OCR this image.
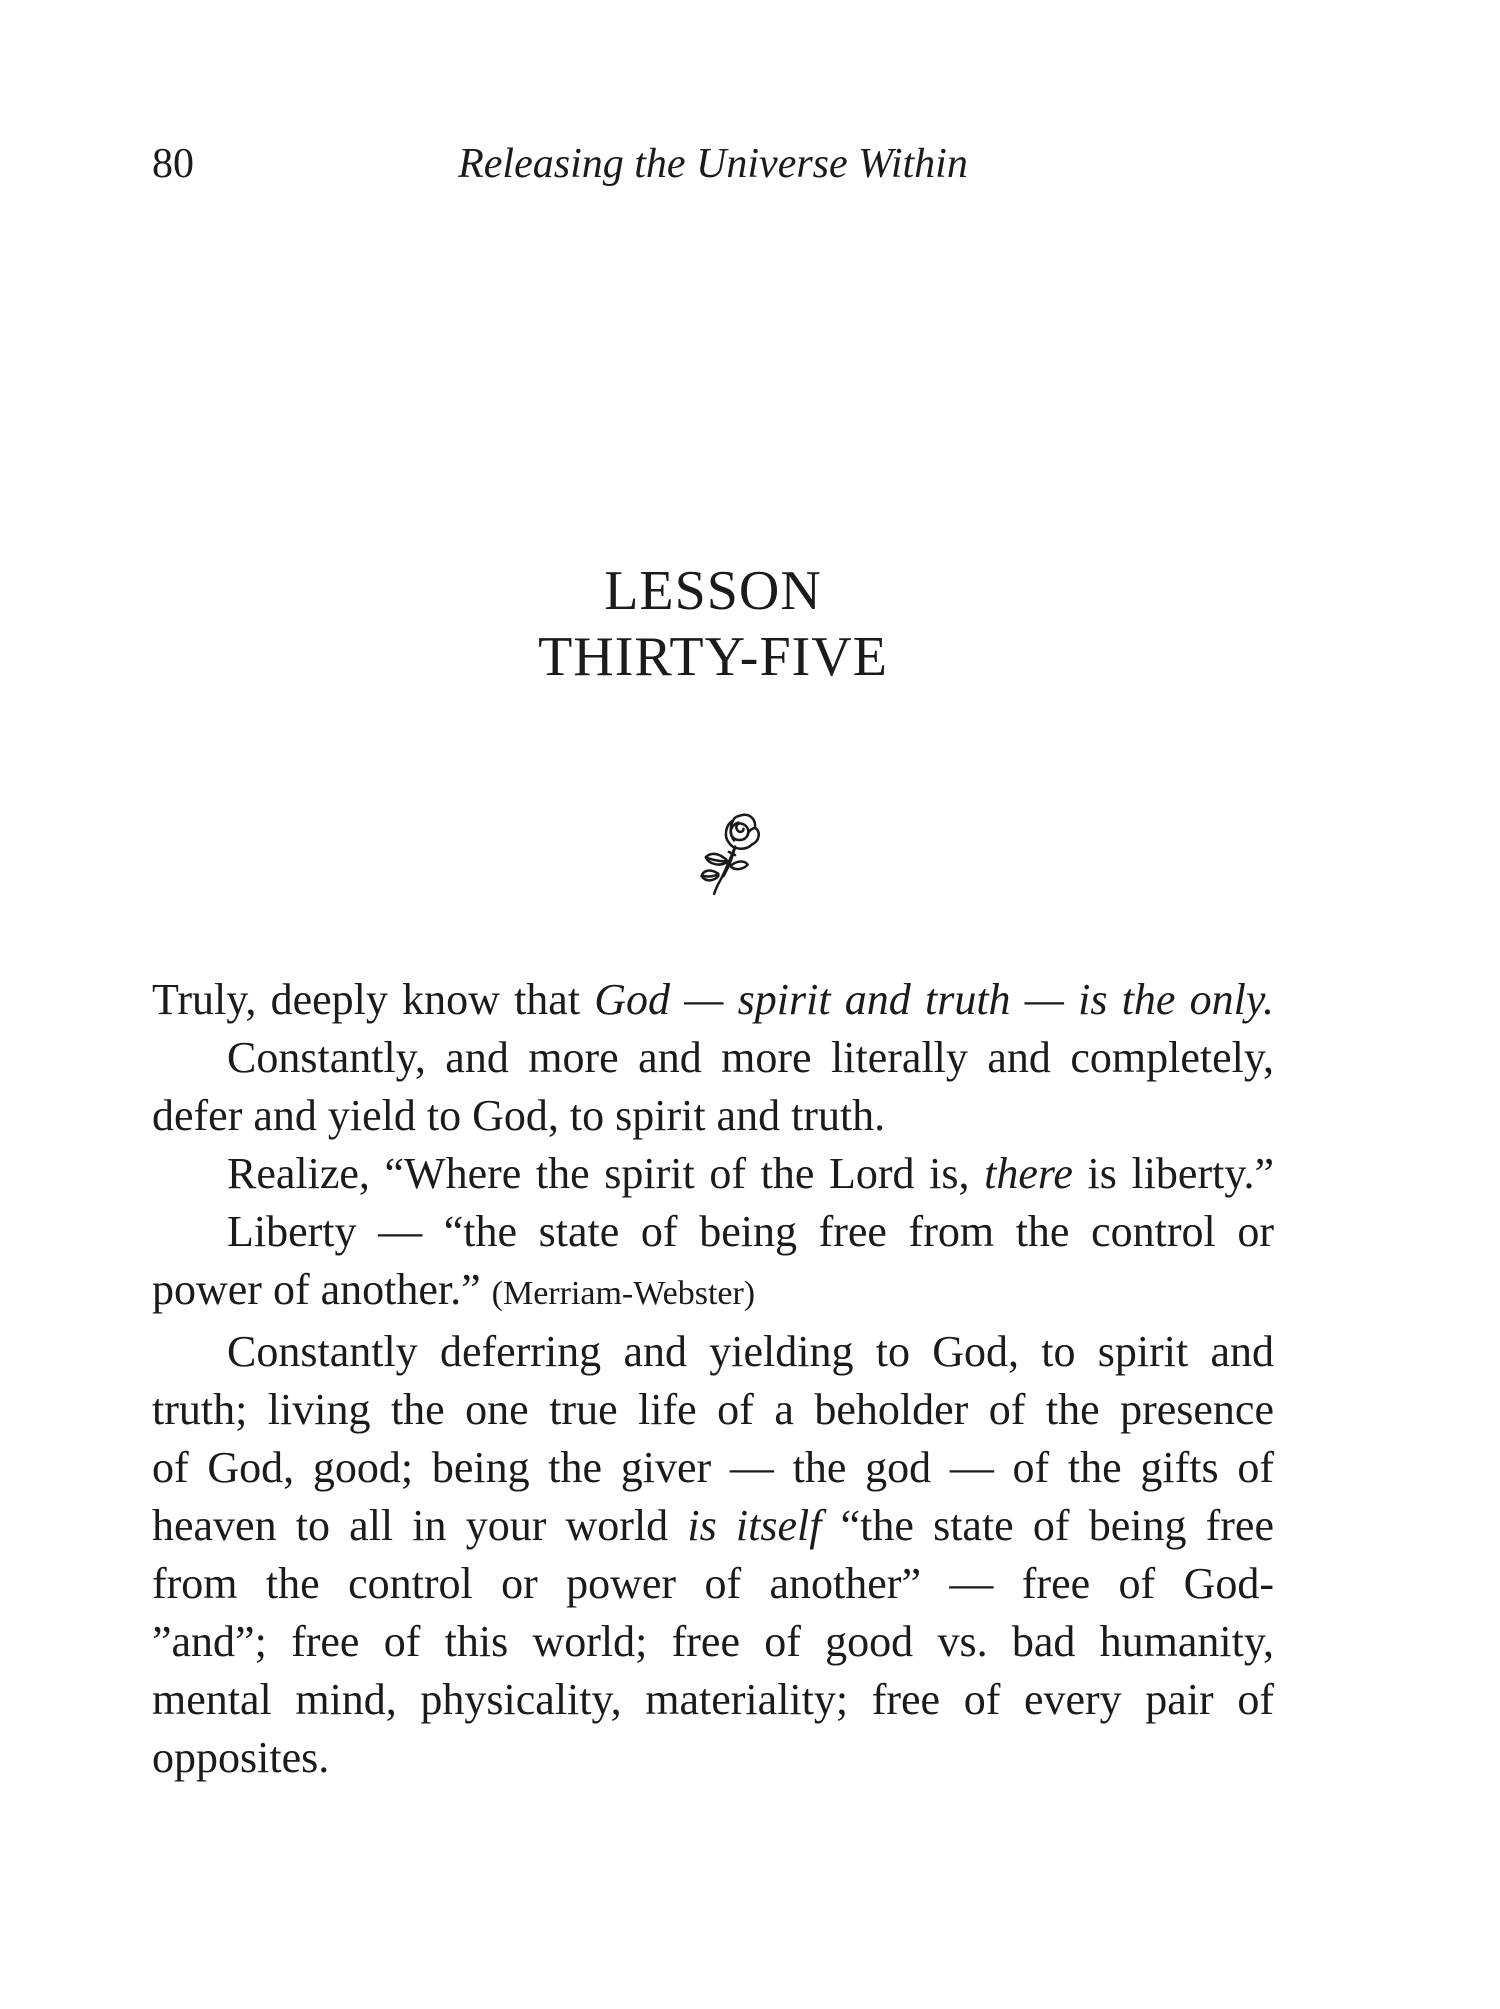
80	Releasing the Universe Within
LESSON
THIRTY-FIVE
Truly, deeply know that God — spirit and truth — is the only.
Constantly, and more and more literally and completely,
defer and yield to God, to spirit and truth.
Realize, “Where the spirit of the Lord is, there is liberty.”
Liberty — “the state of being free from the control or
power of another.” (Merriam-Webster)
Constantly deferring and yielding to God, to spirit and
truth; living the one true life of a beholder of the presence
of God, good; being the giver — the god — of the gifts of
heaven to all in your world is itself “the state of being free
from the control or power of another” — free of God-
”and”; free of this world; free of good vs. bad humanity,
mental mind, physicality, materiality; free of every pair of
opposites.
